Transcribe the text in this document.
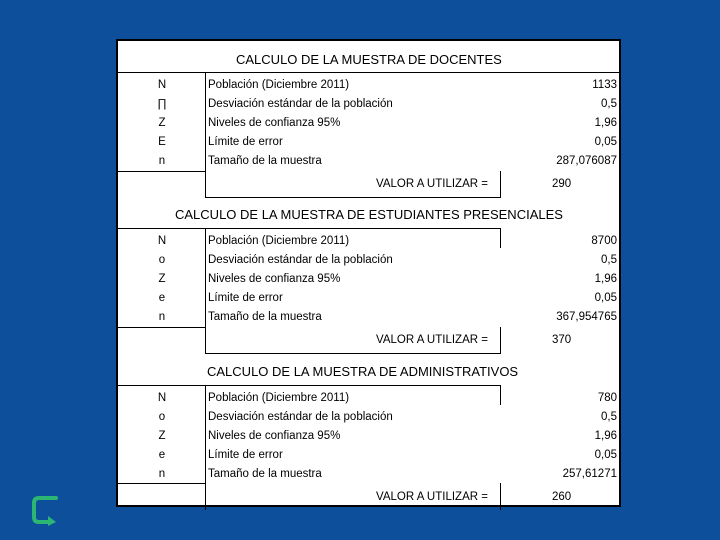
CALCULO DE LA MUESTRA DE DOCENTES
N	Población (Diciembre 2011)	1133
∏	Desviación estándar de la población	0,5
Z	Niveles de confianza 95%	1,96
E	Límite de error	0,05
n	Tamaño de la muestra	287,076087
VALOR A UTILIZAR =	290
CALCULO DE LA MUESTRA DE ESTUDIANTES PRESENCIALES
N	Población (Diciembre 2011)	8700
o	Desviación estándar de la población	0,5
Z	Niveles de confianza 95%	1,96
e	Límite de error	0,05
n	Tamaño de la muestra	367,954765
VALOR A UTILIZAR =	370
CALCULO DE LA MUESTRA DE ADMINISTRATIVOS
N	Población (Diciembre 2011)	780
o	Desviación estándar de la población	0,5
Z	Niveles de confianza 95%	1,96
e	Límite de error	0,05
n	Tamaño de la muestra	257,61271
VALOR A UTILIZAR =	260
